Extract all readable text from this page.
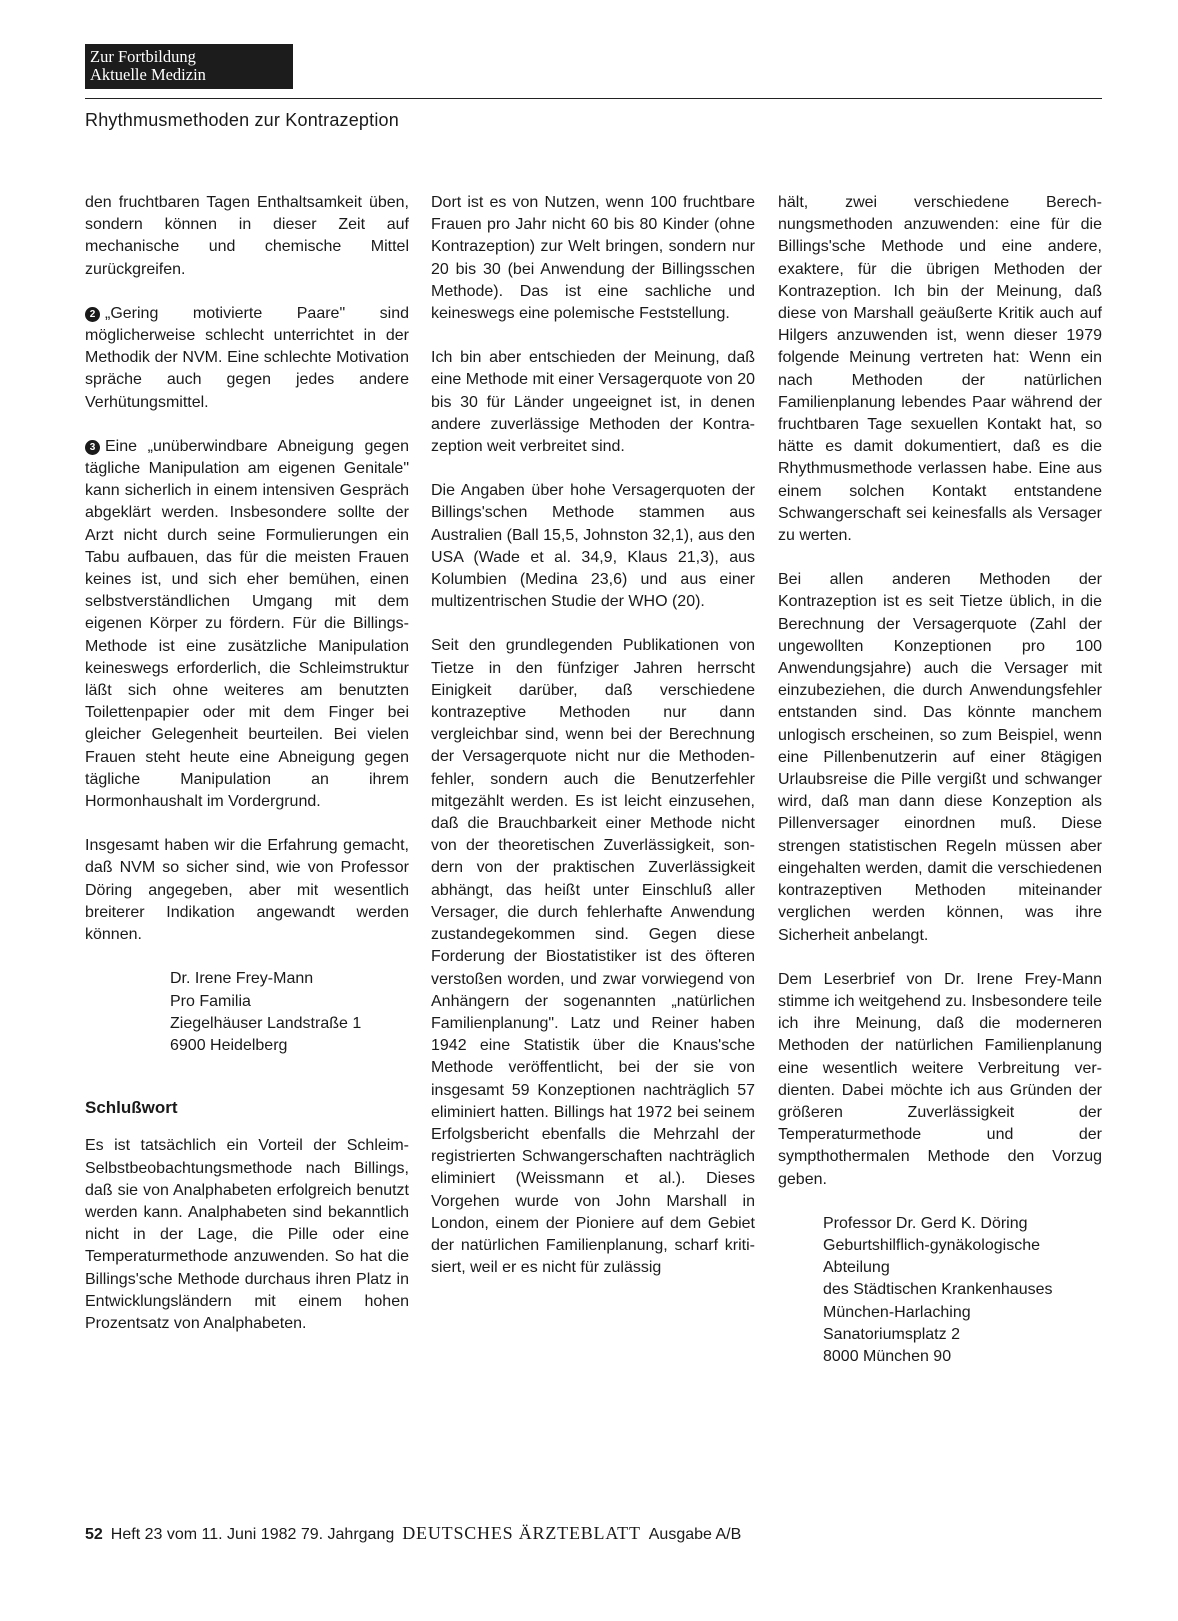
Zur Fortbildung
Aktuelle Medizin
Rhythmusmethoden zur Kontrazeption

den fruchtbaren Tagen Enthaltsamkeit üben, sondern können in dieser Zeit auf mechanische und chemische Mittel zurückgreifen.

2 „Gering motivierte Paare" sind möglicherweise schlecht unterrichtet in der Methodik der NVM. Eine schlechte Motivation spräche auch gegen jedes andere Verhütungsmittel.

3 Eine „unüberwindbare Abneigung gegen tägliche Manipulation am eigenen Genitale" kann sicherlich in einem intensiven Gespräch abgeklärt werden. Insbesondere sollte der Arzt nicht durch seine Formulierungen ein Tabu aufbauen, das für die meisten Frauen keines ist, und sich eher bemühen, einen selbstverständlichen Umgang mit dem eigenen Körper zu fördern. Für die Billings-Methode ist eine zusätzliche Manipulation keineswegs erforderlich, die Schleimstruktur läßt sich ohne weiteres am benutzten Toilettenpapier oder mit dem Finger bei gleicher Gelegenheit beurteilen. Bei vielen Frauen steht heute eine Abneigung gegen tägliche Manipulation an ihrem Hormonhaushalt im Vordergrund.

Insgesamt haben wir die Erfahrung gemacht, daß NVM so sicher sind, wie von Professor Döring angegeben, aber mit wesentlich breiterer Indikation angewandt werden können.

Dr. Irene Frey-Mann
Pro Familia
Ziegelhäuser Landstraße 1
6900 Heidelberg
Schlußwort

Es ist tatsächlich ein Vorteil der Schleim-Selbstbeobachtungsmethode nach Billings, daß sie von Analphabeten erfolgreich benutzt werden kann. Analphabeten sind bekanntlich nicht in der Lage, die Pille oder eine Temperaturmethode anzuwenden. So hat die Billings'sche Methode durchaus ihren Platz in Entwicklungsländern mit einem hohen Prozentsatz von Analphabeten.

Dort ist es von Nutzen, wenn 100 fruchtbare Frauen pro Jahr nicht 60 bis 80 Kinder (ohne Kontrazeption) zur Welt bringen, sondern nur 20 bis 30 (bei Anwendung der Billingsschen Methode). Das ist eine sachliche und keineswegs eine polemische Feststellung.

Ich bin aber entschieden der Meinung, daß eine Methode mit einer Versagerquote von 20 bis 30 für Länder ungeeignet ist, in denen andere zuverlässige Methoden der Kontrazeption weit verbreitet sind.

Die Angaben über hohe Versagerquoten der Billings'schen Methode stammen aus Australien (Ball 15,5, Johnston 32,1), aus den USA (Wade et al. 34,9, Klaus 21,3), aus Kolumbien (Medina 23,6) und aus einer multizentrischen Studie der WHO (20).

Seit den grundlegenden Publikationen von Tietze in den fünfziger Jahren herrscht Einigkeit darüber, daß verschiedene kontrazeptive Methoden nur dann vergleichbar sind, wenn bei der Berechnung der Versagerquote nicht nur die Methodenfehler, sondern auch die Benutzerfehler mitgezählt werden. Es ist leicht einzusehen, daß die Brauchbarkeit einer Methode nicht von der theoretischen Zuverlässigkeit, sondern von der praktischen Zuverlässigkeit abhängt, das heißt unter Einschluß aller Versager, die durch fehlerhafte Anwendung zustandegekommen sind. Gegen diese Forderung der Biostatistiker ist des öfteren verstoßen worden, und zwar vorwiegend von Anhängern der sogenannten „natürlichen Familienplanung". Latz und Reiner haben 1942 eine Statistik über die Knaus'sche Methode veröffentlicht, bei der sie von insgesamt 59 Konzeptionen nachträglich 57 eliminiert hatten. Billings hat 1972 bei seinem Erfolgsbericht ebenfalls die Mehrzahl der registrierten Schwangerschaften nachträglich eliminiert (Weissmann et al.). Dieses Vorgehen wurde von John Marshall in London, einem der Pioniere auf dem Gebiet der natürlichen Familienplanung, scharf kritisiert, weil er es nicht für zulässig

hält, zwei verschiedene Berechnungsmethoden anzuwenden: eine für die Billings'sche Methode und eine andere, exaktere, für die übrigen Methoden der Kontrazeption. Ich bin der Meinung, daß diese von Marshall geäußerte Kritik auch auf Hilgers anzuwenden ist, wenn dieser 1979 folgende Meinung vertreten hat: Wenn ein nach Methoden der natürlichen Familienplanung lebendes Paar während der fruchtbaren Tage sexuellen Kontakt hat, so hätte es damit dokumentiert, daß es die Rhythmusmethode verlassen habe. Eine aus einem solchen Kontakt entstandene Schwangerschaft sei keinesfalls als Versager zu werten.

Bei allen anderen Methoden der Kontrazeption ist es seit Tietze üblich, in die Berechnung der Versagerquote (Zahl der ungewollten Konzeptionen pro 100 Anwendungsjahre) auch die Versager mit einzubeziehen, die durch Anwendungsfehler entstanden sind. Das könnte manchem unlogisch erscheinen, so zum Beispiel, wenn eine Pillenbenutzerin auf einer 8tägigen Urlaubsreise die Pille vergißt und schwanger wird, daß man dann diese Konzeption als Pillenversager einordnen muß. Diese strengen statistischen Regeln müssen aber eingehalten werden, damit die verschiedenen kontrazeptiven Methoden miteinander verglichen werden können, was ihre Sicherheit anbelangt.

Dem Leserbrief von Dr. Irene Frey-Mann stimme ich weitgehend zu. Insbesondere teile ich ihre Meinung, daß die moderneren Methoden der natürlichen Familienplanung eine wesentlich weitere Verbreitung verdienten. Dabei möchte ich aus Gründen der größeren Zuverlässigkeit der Temperaturmethode und der sympthothermalen Methode den Vorzug geben.

Professor Dr. Gerd K. Döring
Geburtshilflich-gynäkologische
Abteilung
des Städtischen Krankenhauses
München-Harlaching
Sanatoriumsplatz 2
8000 München 90
52 Heft 23 vom 11. Juni 1982 79. Jahrgang DEUTSCHES ÄRZTEBLATT Ausgabe A/B
